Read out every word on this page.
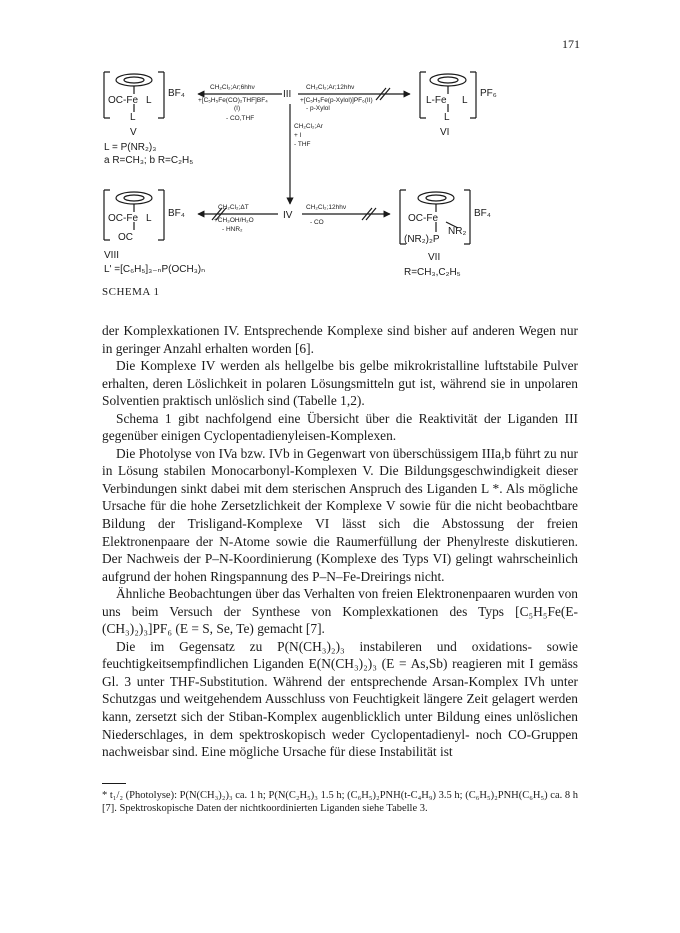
171
OC-Fe L
L
BF₄
V
L-Fe L
L
PF₆
VI
OC-Fe L
OC
BF₄
VIII
OC-Fe
NR₂
(NR₂)₂P
BF₄
VII
R=CH₃,C₂H₅
III
IV
CH₂Cl₂;Ar;6hhν
+[C₅H₅Fe(CO)₂THF]BF₄
(I)
- CO,THF
CH₂Cl₂;Ar;12hhν
+[C₅H₅Fe(p-Xylol)]PF₆(II)
- p-Xylol
CH₂Cl₂;Ar
+ I
- THF
CH₂Cl₂;ΔT
+CH₃OH/H₂O
- HNR₂
CH₂Cl₂;12hhν
- CO
L = P(NR₂)₃
a R=CH₃; b R=C₂H₅
L' =[C₆H₅]₃₋ₙP(OCH₃)ₙ
SCHEMA 1

der Komplexkationen IV. Entsprechende Komplexe sind bisher auf anderen Wegen nur in geringer Anzahl erhalten worden [6].

Die Komplexe IV werden als hellgelbe bis gelbe mikrokristalline luftstabile Pulver erhalten, deren Löslichkeit in polaren Lösungsmitteln gut ist, während sie in unpolaren Solventien praktisch unlöslich sind (Tabelle 1,2).

Schema 1 gibt nachfolgend eine Übersicht über die Reaktivität der Liganden III gegenüber einigen Cyclopentadienyleisen-Komplexen.

Die Photolyse von IVa bzw. IVb in Gegenwart von überschüssigem IIIa,b führt zu nur in Lösung stabilen Monocarbonyl-Komplexen V. Die Bildungsgeschwindigkeit dieser Verbindungen sinkt dabei mit dem sterischen Anspruch des Liganden L *. Als mögliche Ursache für die hohe Zersetzlichkeit der Komplexe V sowie für die nicht beobachtbare Bildung der Trisligand-Komplexe VI lässt sich die Abstossung der freien Elektronenpaare der N-Atome sowie die Raumerfüllung der Phenylreste diskutieren. Der Nachweis der P–N-Koordinierung (Komplexe des Typs VI) gelingt wahrscheinlich aufgrund der hohen Ringspannung des P–N–Fe-Dreirings nicht.

Ähnliche Beobachtungen über das Verhalten von freien Elektronenpaaren wurden von uns beim Versuch der Synthese von Komplexkationen des Typs [C₅H₅Fe(E-(CH₃)₂)₃]PF₆ (E = S, Se, Te) gemacht [7].

Die im Gegensatz zu P(N(CH₃)₂)₃ instabileren und oxidations- sowie feuchtigkeitsempfindlichen Liganden E(N(CH₃)₂)₃ (E = As,Sb) reagieren mit I gemäss Gl. 3 unter THF-Substitution. Während der entsprechende Arsan-Komplex IVh unter Schutzgas und weitgehendem Ausschluss von Feuchtigkeit längere Zeit gelagert werden kann, zersetzt sich der Stiban-Komplex augenblicklich unter Bildung eines unlöslichen Niederschlages, in dem spektroskopisch weder Cyclopentadienyl- noch CO-Gruppen nachweisbar sind. Eine mögliche Ursache für diese Instabilität ist

* t₁/₂ (Photolyse): P(N(CH₃)₂)₃ ca. 1 h; P(N(C₂H₅)₃ 1.5 h; (C₆H₅)₂PNH(t-C₄H₉) 3.5 h; (C₆H₅)₂PNH(C₆H₅) ca. 8 h [7]. Spektroskopische Daten der nichtkoordinierten Liganden siehe Tabelle 3.
